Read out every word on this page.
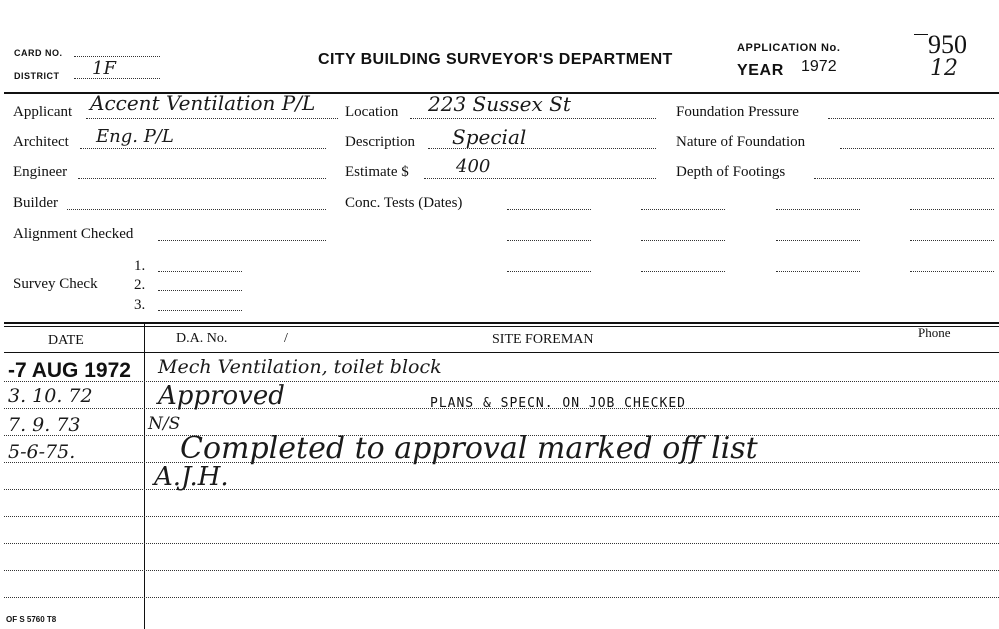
CARD NO.
DISTRICT 1F	CITY BUILDING SURVEYOR'S DEPARTMENT
APPLICATION No.
YEAR 1972
950
12
Applicant Accent Ventilation P/L
Architect Eng. P/L
Engineer
Builder
Alignment Checked
Survey Check
1.
2.
3.
Location 223 Sussex St
Description Special
Estimate $	400
Conc. Tests (Dates)
Foundation Pressure
Nature of Foundation
Depth of Footings
DATE	D.A. No.	/	SITE FOREMAN	Phone
-7 AUG 1972 Mech Ventilation, toilet block
3. 10. 72	Approved	PLANS & SPECN. ON JOB CHECKED
7. 9. 73	N/S
5-6-75.	Completed to approval marked off list
A.J.H.
OF S 5760 T8
